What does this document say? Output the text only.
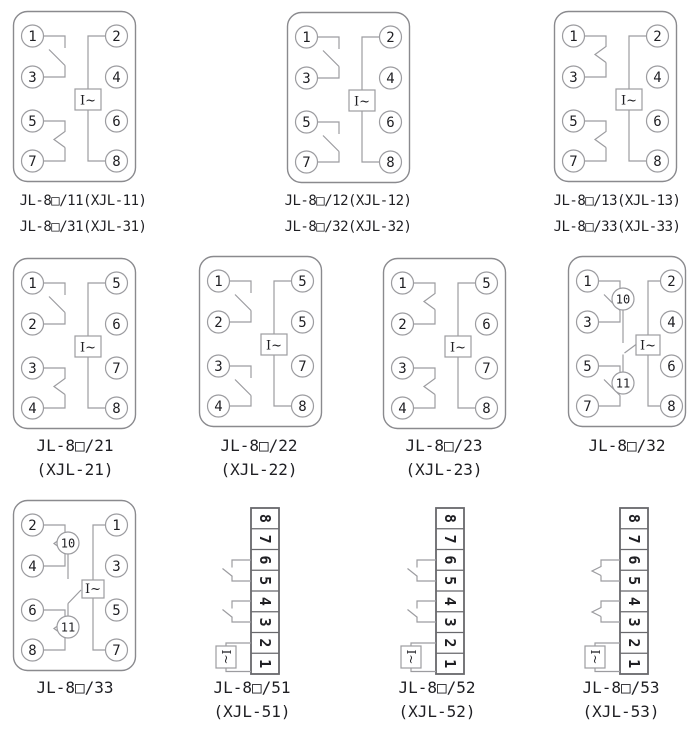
I~
1
3
5
7
2
4
6
8
JL-8□/11(XJL-11)
JL-8□/31(XJL-31)
I~
1
3
5
7
2
4
6
8
JL-8□/12(XJL-12)
JL-8□/32(XJL-32)
I~
1
3
5
7
2
4
6
8
JL-8□/13(XJL-13)
JL-8□/33(XJL-33)
I~
1
2
3
4
5
6
7
8
JL-8□/21
(XJL-21)
I~
1
2
3
4
5
5
7
8
JL-8□/22
(XJL-22)
I~
1
2
3
4
5
6
7
8
JL-8□/23
(XJL-23)
I~
1
3
5
7
2
4
6
8
10
11
JL-8□/32
I~
2
4
6
8
1
3
5
7
10
11
JL-8□/33
I~
8
7
6
5
4
3
2
1
JL-8□/51
(XJL-51)
I~
8
7
6
5
4
3
2
1
JL-8□/52
(XJL-52)
I~
8
7
6
5
4
3
2
1
JL-8□/53
(XJL-53)
